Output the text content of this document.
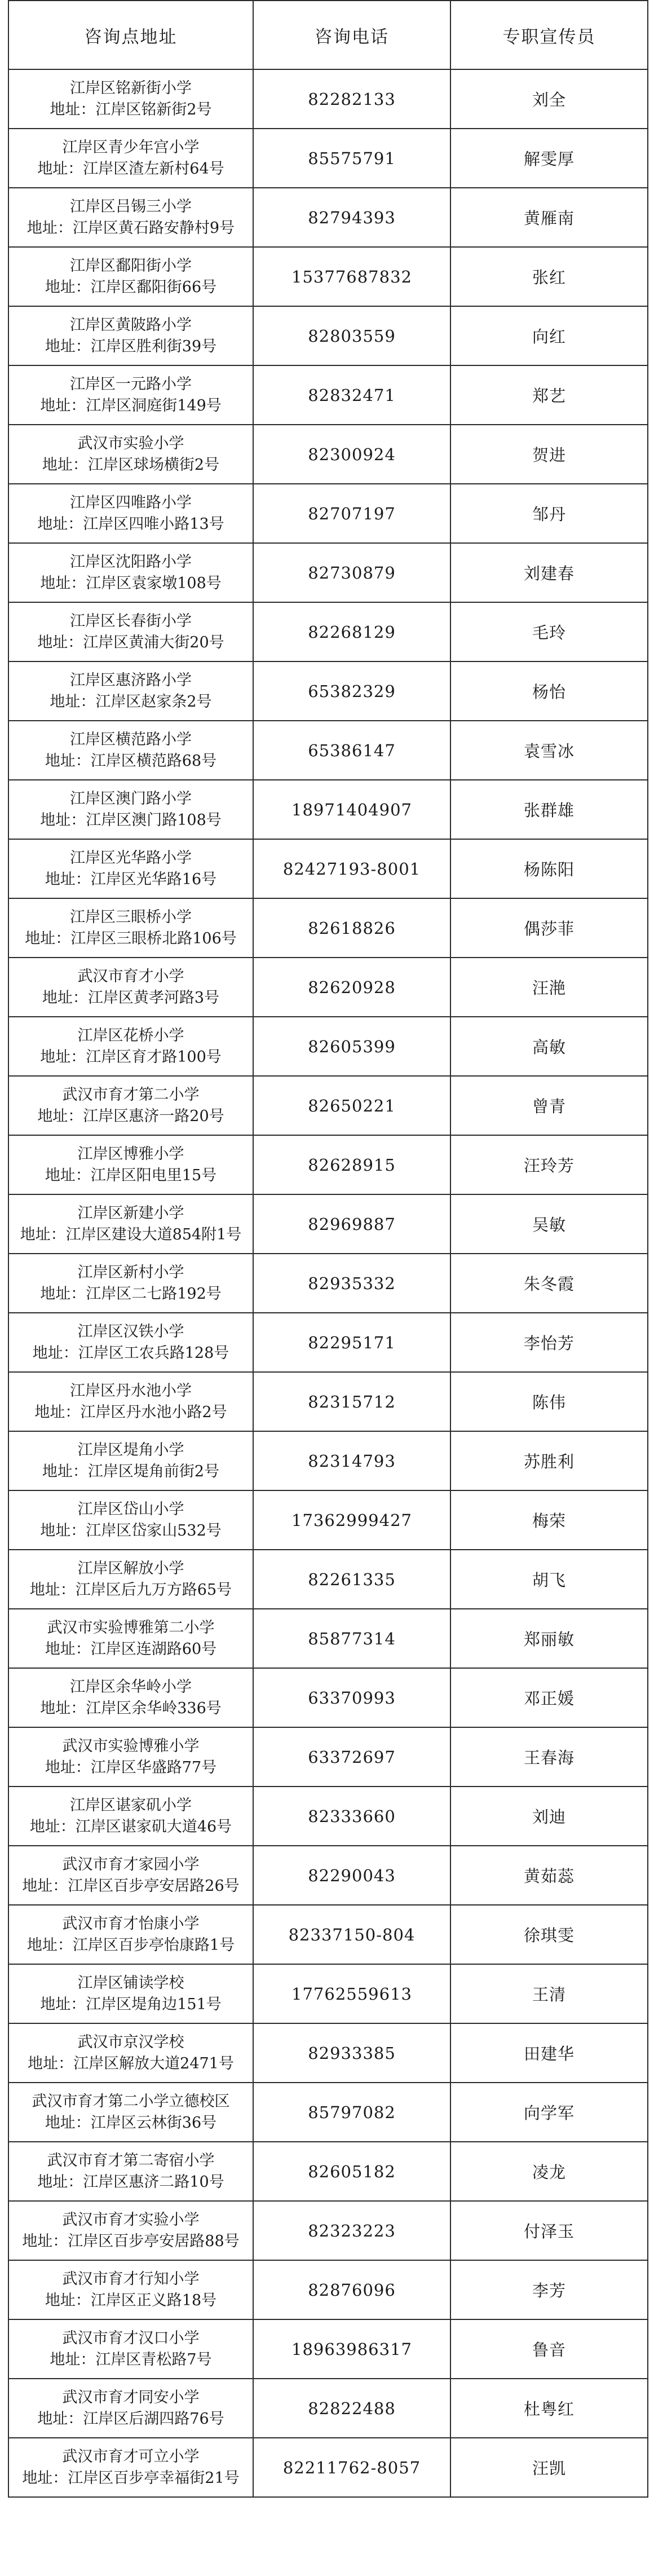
咨询点地址	咨询电话	专职宣传员

江岸区铭新街小学
地址：江岸区铭新街2号	82282133	刘全

江岸区青少年宫小学
地址：江岸区渣左新村64号	85575791	解雯厚

江岸区吕锡三小学
地址：江岸区黄石路安静村9号	82794393	黄雁南

江岸区鄱阳街小学
地址：江岸区鄱阳街66号	15377687832	张红

江岸区黄陂路小学
地址：江岸区胜利街39号	82803559	向红

江岸区一元路小学
地址：江岸区洞庭街149号	82832471	郑艺

武汉市实验小学
地址：江岸区球场横街2号	82300924	贺进

江岸区四唯路小学
地址：江岸区四唯小路13号	82707197	邹丹

江岸区沈阳路小学
地址：江岸区袁家墩108号	82730879	刘建春

江岸区长春街小学
地址：江岸区黄浦大街20号	82268129	毛玲

江岸区惠济路小学
地址：江岸区赵家条2号	65382329	杨怡

江岸区横范路小学
地址：江岸区横范路68号	65386147	袁雪冰

江岸区澳门路小学
地址：江岸区澳门路108号	18971404907	张群雄

江岸区光华路小学
地址：江岸区光华路16号	82427193-8001	杨陈阳

江岸区三眼桥小学
地址：江岸区三眼桥北路106号	82618826	偶莎菲

武汉市育才小学
地址：江岸区黄孝河路3号	82620928	汪滟

江岸区花桥小学
地址：江岸区育才路100号	82605399	高敏

武汉市育才第二小学
地址：江岸区惠济一路20号	82650221	曾青

江岸区博雅小学
地址：江岸区阳电里15号	82628915	汪玲芳

江岸区新建小学
地址：江岸区建设大道854附1号	82969887	吴敏

江岸区新村小学
地址：江岸区二七路192号	82935332	朱冬霞

江岸区汉铁小学
地址：江岸区工农兵路128号	82295171	李怡芳

江岸区丹水池小学
地址：江岸区丹水池小路2号	82315712	陈伟

江岸区堤角小学
地址：江岸区堤角前街2号	82314793	苏胜利

江岸区岱山小学
地址：江岸区岱家山532号	17362999427	梅荣

江岸区解放小学
地址：江岸区后九万方路65号	82261335	胡飞

武汉市实验博雅第二小学
地址：江岸区连湖路60号	85877314	郑丽敏

江岸区余华岭小学
地址：江岸区余华岭336号	63370993	邓正媛

武汉市实验博雅小学
地址：江岸区华盛路77号	63372697	王春海

江岸区谌家矶小学
地址：江岸区谌家矶大道46号	82333660	刘迪

武汉市育才家园小学
地址：江岸区百步亭安居路26号	82290043	黄茹蕊

武汉市育才怡康小学
地址：江岸区百步亭怡康路1号	82337150-804	徐琪雯

江岸区铺读学校
地址：江岸区堤角边151号	17762559613	王清

武汉市京汉学校
地址：江岸区解放大道2471号	82933385	田建华

武汉市育才第二小学立德校区
地址：江岸区云林街36号	85797082	向学军

武汉市育才第二寄宿小学
地址：江岸区惠济二路10号	82605182	凌龙

武汉市育才实验小学
地址：江岸区百步亭安居路88号	82323223	付泽玉

武汉市育才行知小学
地址：江岸区正义路18号	82876096	李芳

武汉市育才汉口小学
地址：江岸区青松路7号	18963986317	鲁音

武汉市育才同安小学
地址：江岸区后湖四路76号	82822488	杜粤红

武汉市育才可立小学
地址：江岸区百步亭幸福街21号	82211762-8057	汪凯
